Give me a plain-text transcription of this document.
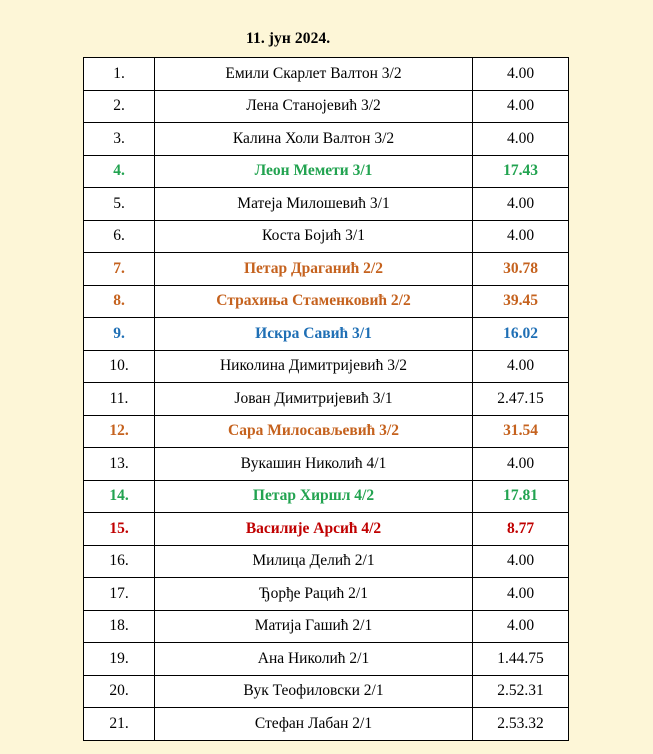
11. јун 2024.
1.	Емили Скарлет Валтон 3/2	4.00
2.	Лена Станојевић 3/2	4.00
3.	Калина Холи Валтон 3/2	4.00
4.	Леон Мемети 3/1	17.43
5.	Матеја Милошевић 3/1	4.00
6.	Коста Бојић 3/1	4.00
7.	Петар Драганић 2/2	30.78
8.	Страхиња Стаменковић 2/2	39.45
9.	Искра Савић 3/1	16.02
10.	Николина Димитријевић 3/2	4.00
11.	Јован Димитријевић 3/1	2.47.15
12.	Сара Милосављевић 3/2	31.54
13.	Вукашин Николић 4/1	4.00
14.	Петар Хиршл 4/2	17.81
15.	Василије Арсић 4/2	8.77
16.	Милица Делић 2/1	4.00
17.	Ђорђе Рацић 2/1	4.00
18.	Матија Гашић 2/1	4.00
19.	Ана Николић 2/1	1.44.75
20.	Вук Теофиловски 2/1	2.52.31
21.	Стефан Лабан 2/1	2.53.32
